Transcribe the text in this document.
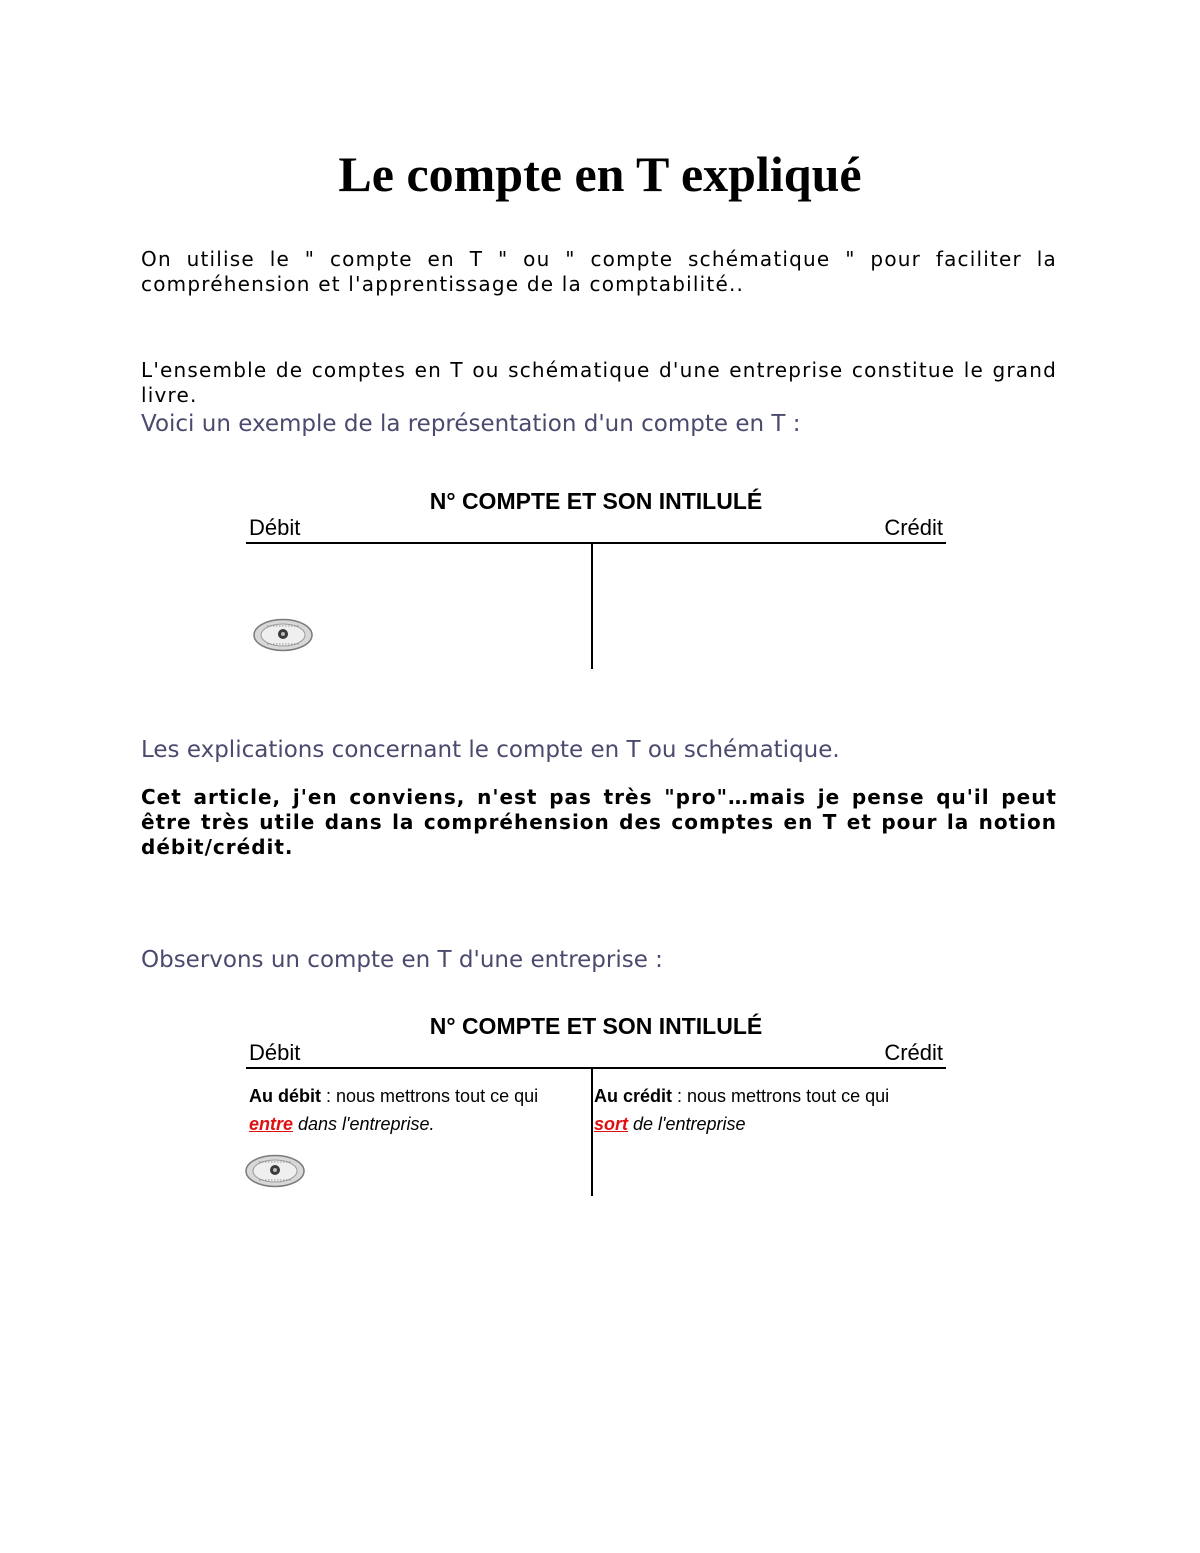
Le compte en T expliqué

On utilise le " compte en T " ou " compte schématique " pour faciliter la compréhension et l'apprentissage de la comptabilité..

L'ensemble de comptes en T ou schématique d'une entreprise constitue le grand livre.

Voici un exemple de la représentation d'un compte en T :
N° COMPTE ET SON INTILULÉ
Débit	Crédit
Les explications concernant le compte en T ou schématique.

Cet article, j'en conviens, n'est pas très "pro"…mais je pense qu'il peut être très utile dans la compréhension des comptes en T et pour la notion débit/crédit.

Observons un compte en T d'une entreprise :
N° COMPTE ET SON INTILULÉ
Débit	Crédit
Au débit : nous mettrons tout ce qui
entre dans l'entreprise.
Au crédit : nous mettrons tout ce qui
sort de l'entreprise
